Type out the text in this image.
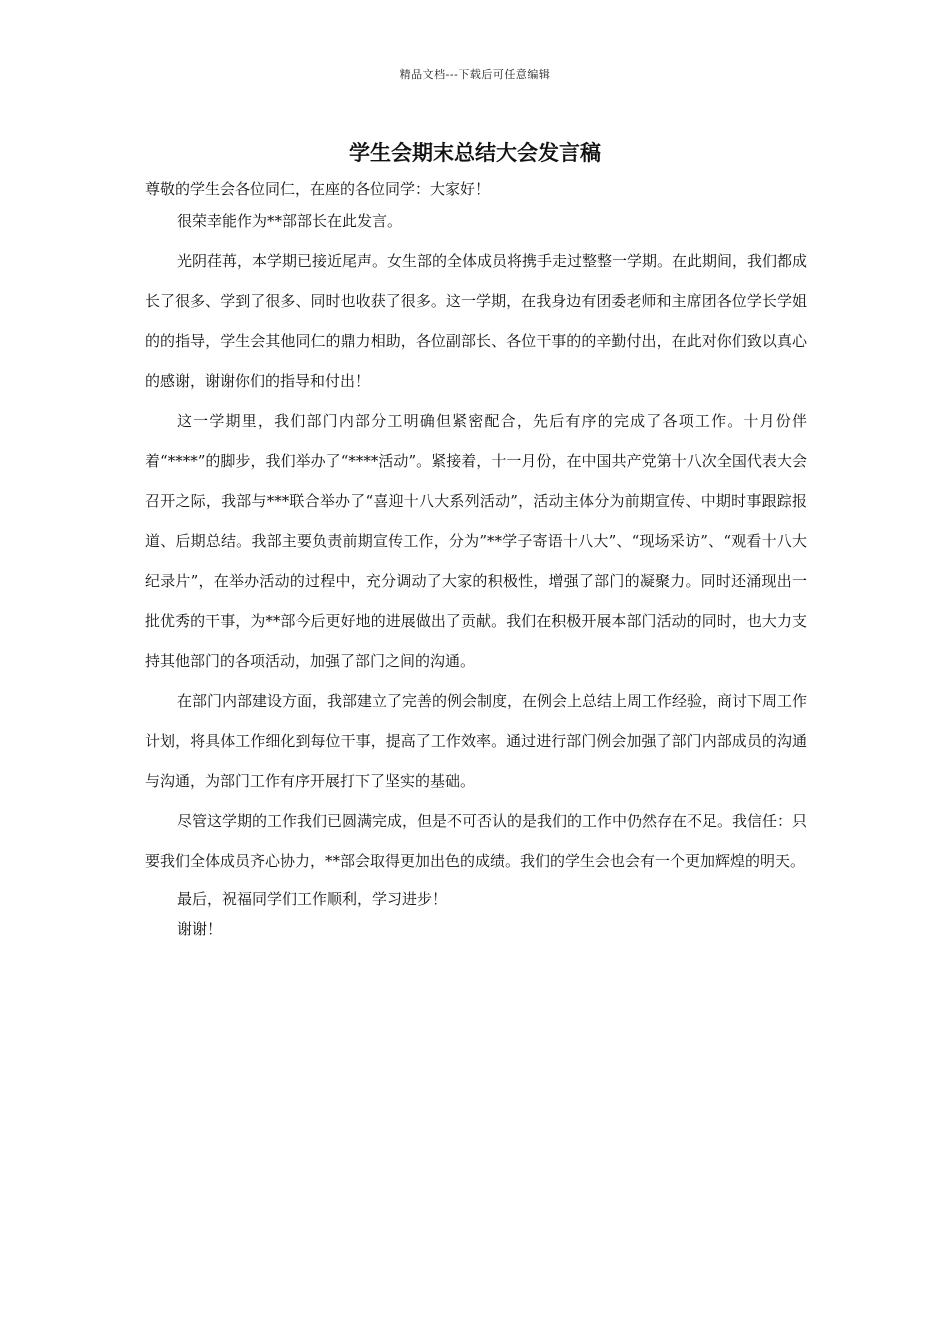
精品文档---下载后可任意编辑
学生会期末总结大会发言稿

尊敬的学生会各位同仁，在座的各位同学：大家好！

很荣幸能作为**部部长在此发言。

光阴荏苒，本学期已接近尾声。女生部的全体成员将携手走过整整一学期。在此期间，我们都成长了很多、学到了很多、同时也收获了很多。这一学期，在我身边有团委老师和主席团各位学长学姐的的指导，学生会其他同仁的鼎力相助，各位副部长、各位干事的的辛勤付出，在此对你们致以真心的感谢，谢谢你们的指导和付出！

这一学期里，我们部门内部分工明确但紧密配合，先后有序的完成了各项工作。十月份伴着“****”的脚步，我们举办了“****活动”。紧接着，十一月份，在中国共产党第十八次全国代表大会召开之际，我部与***联合举办了“喜迎十八大系列活动”，活动主体分为前期宣传、中期时事跟踪报道、后期总结。我部主要负责前期宣传工作，分为”**学子寄语十八大”、“现场采访”、“观看十八大纪录片”，在举办活动的过程中，充分调动了大家的积极性，增强了部门的凝聚力。同时还涌现出一批优秀的干事，为**部今后更好地的进展做出了贡献。我们在积极开展本部门活动的同时，也大力支持其他部门的各项活动，加强了部门之间的沟通。

在部门内部建设方面，我部建立了完善的例会制度，在例会上总结上周工作经验，商讨下周工作计划，将具体工作细化到每位干事，提高了工作效率。通过进行部门例会加强了部门内部成员的沟通与沟通，为部门工作有序开展打下了坚实的基础。

尽管这学期的工作我们已圆满完成，但是不可否认的是我们的工作中仍然存在不足。我信任：只要我们全体成员齐心协力，**部会取得更加出色的成绩。我们的学生会也会有一个更加辉煌的明天。

最后，祝福同学们工作顺利，学习进步！

谢谢！
